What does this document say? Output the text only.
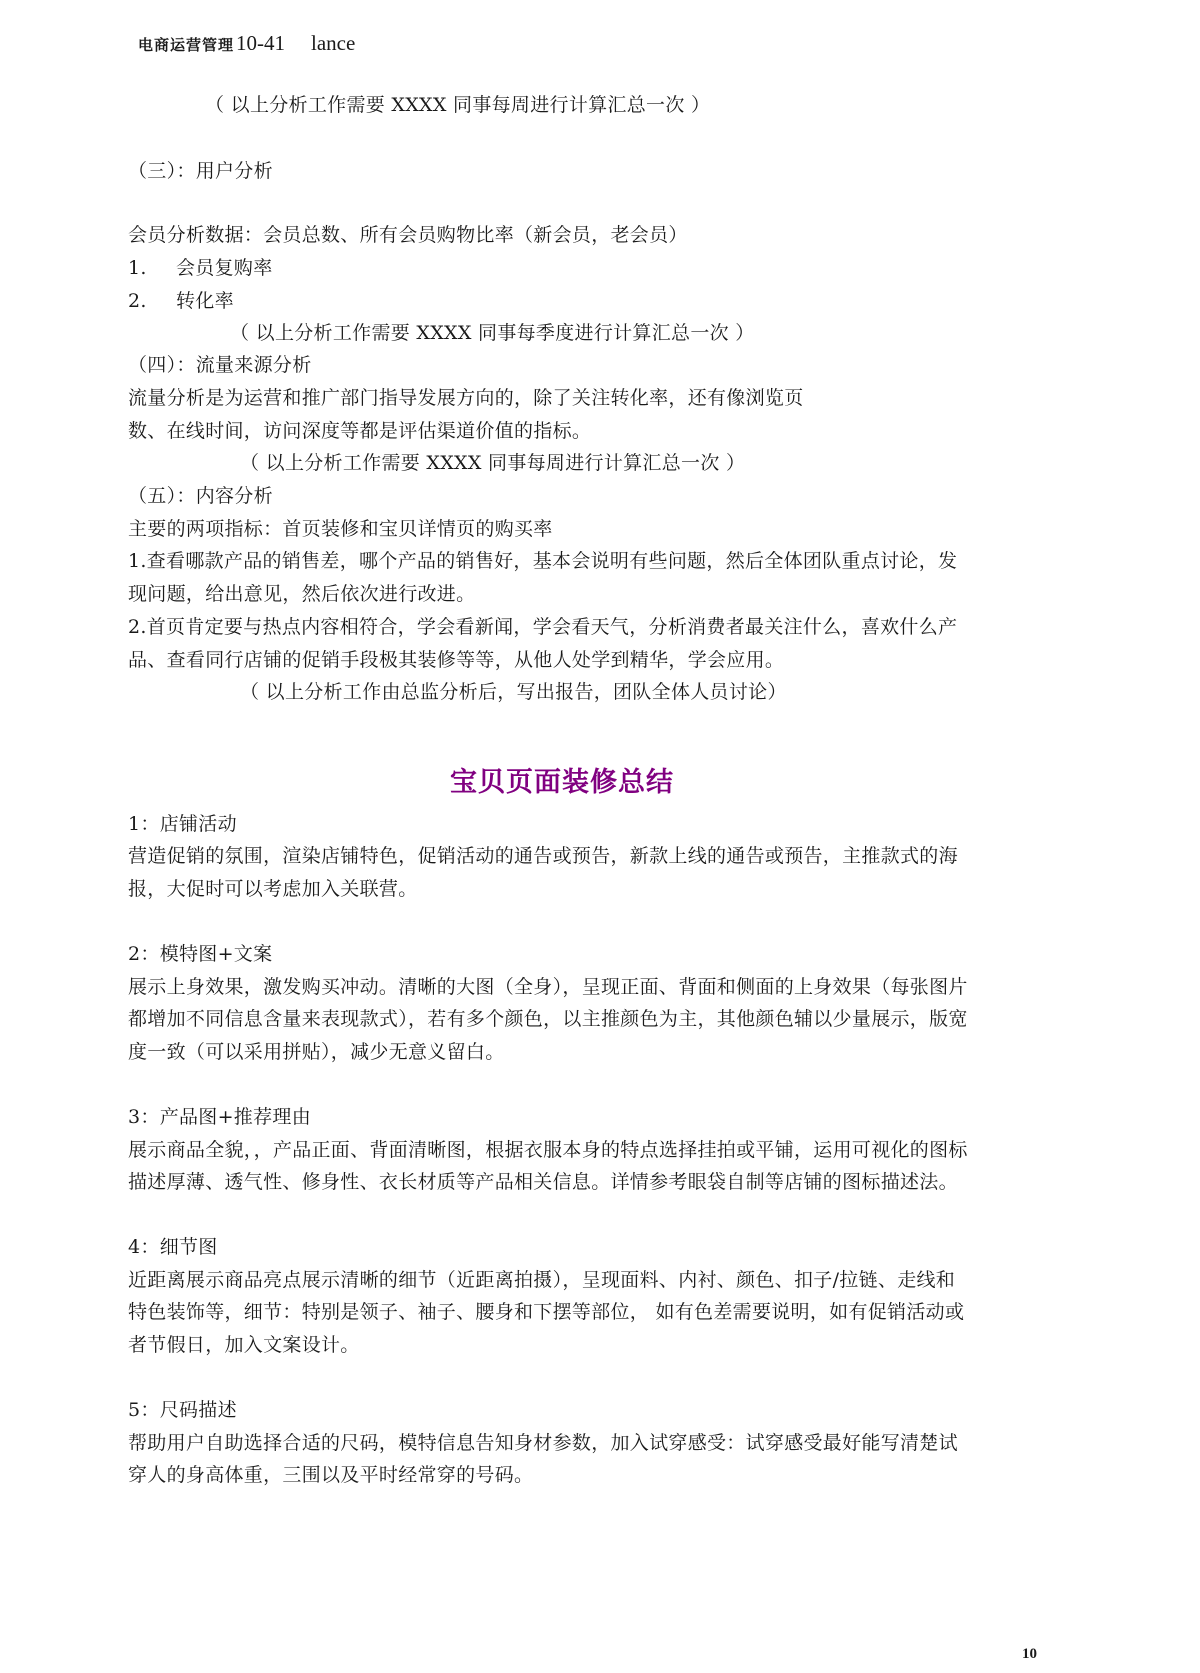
电商运营管理10-41 lance
（ 以上分析工作需要 XXXX 同事每周进行计算汇总一次 ）
（三）：用户分析
会员分析数据：会员总数、所有会员购物比率（新会员，老会员）
1. 会员复购率
2. 转化率
（ 以上分析工作需要 XXXX 同事每季度进行计算汇总一次 ）
（四）：流量来源分析
流量分析是为运营和推广部门指导发展方向的，除了关注转化率，还有像浏览页
数、在线时间，访问深度等都是评估渠道价值的指标。
（ 以上分析工作需要 XXXX 同事每周进行计算汇总一次 ）
（五）：内容分析
主要的两项指标：首页装修和宝贝详情页的购买率
1.查看哪款产品的销售差，哪个产品的销售好，基本会说明有些问题，然后全体团队重点讨论，发
现问题，给出意见，然后依次进行改进。
2.首页肯定要与热点内容相符合，学会看新闻，学会看天气，分析消费者最关注什么，喜欢什么产
品、查看同行店铺的促销手段极其装修等等，从他人处学到精华，学会应用。
（ 以上分析工作由总监分析后，写出报告，团队全体人员讨论）
宝贝页面装修总结
1：店铺活动
营造促销的氛围，渲染店铺特色，促销活动的通告或预告，新款上线的通告或预告，主推款式的海
报，大促时可以考虑加入关联营。
2：模特图+文案
展示上身效果，激发购买冲动。清晰的大图（全身），呈现正面、背面和侧面的上身效果（每张图片
都增加不同信息含量来表现款式），若有多个颜色，以主推颜色为主，其他颜色辅以少量展示，版宽
度一致（可以采用拼贴），减少无意义留白。
3：产品图+推荐理由
展示商品全貌，，产品正面、背面清晰图，根据衣服本身的特点选择挂拍或平铺，运用可视化的图标
描述厚薄、透气性、修身性、衣长材质等产品相关信息。详情参考眼袋自制等店铺的图标描述法。
4：细节图
近距离展示商品亮点展示清晰的细节（近距离拍摄），呈现面料、内衬、颜色、扣子/拉链、走线和
特色装饰等，细节：特别是领子、袖子、腰身和下摆等部位， 如有色差需要说明，如有促销活动或
者节假日，加入文案设计。
5：尺码描述
帮助用户自助选择合适的尺码，模特信息告知身材参数，加入试穿感受：试穿感受最好能写清楚试
穿人的身高体重，三围以及平时经常穿的号码。
10
